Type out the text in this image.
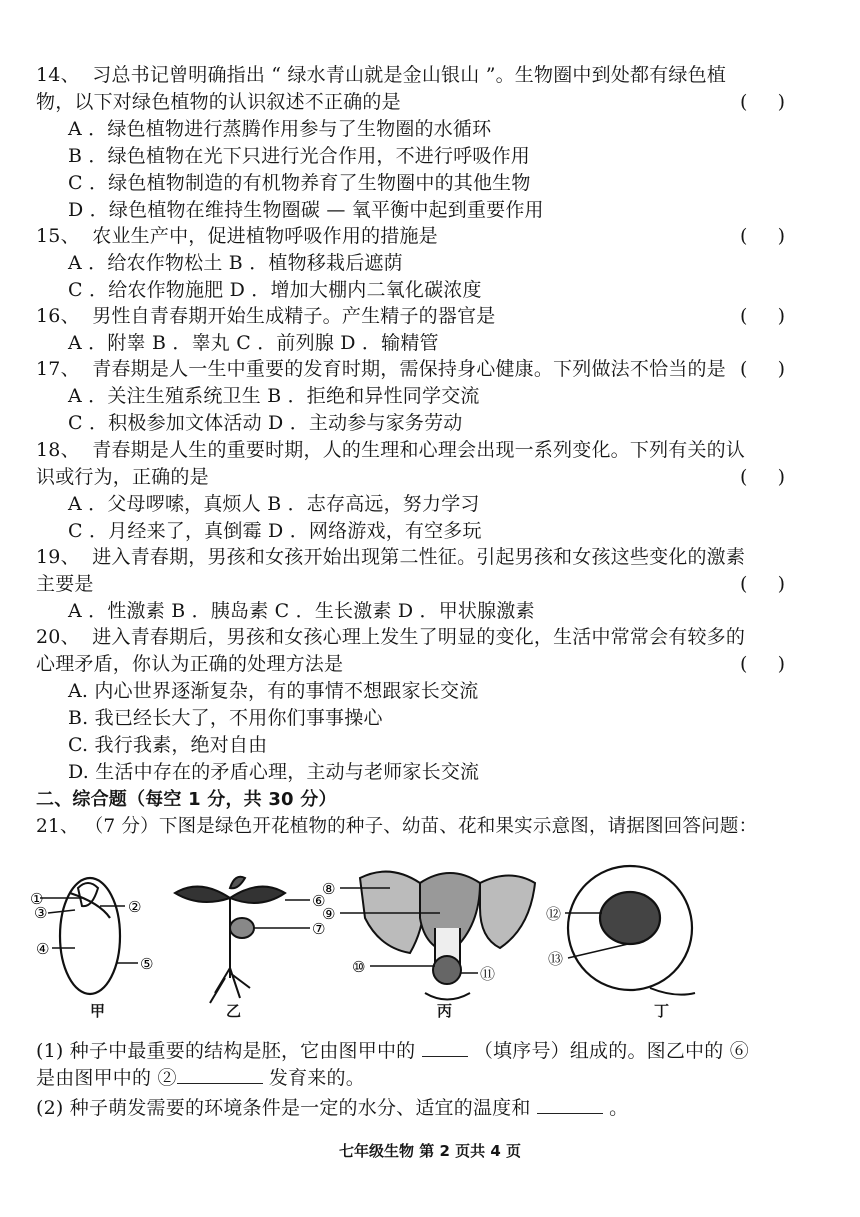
14、 习总书记曾明确指出 “ 绿水青山就是金山银山 ”。生物圈中到处都有绿色植
物，以下对绿色植物的认识叙述不正确的是	(     )
A ．绿色植物进行蒸腾作用参与了生物圈的水循环
B ．绿色植物在光下只进行光合作用，不进行呼吸作用
C ．绿色植物制造的有机物养育了生物圈中的其他生物
D ．绿色植物在维持生物圈碳 — 氧平衡中起到重要作用
15、 农业生产中，促进植物呼吸作用的措施是	(     )
A ．给农作物松土 B ．植物移栽后遮荫
C ．给农作物施肥 D ．增加大棚内二氧化碳浓度
16、 男性自青春期开始生成精子。产生精子的器官是	(     )
A ．附睾 B ．睾丸 C ．前列腺 D ．输精管
17、 青春期是人一生中重要的发育时期，需保持身心健康。下列做法不恰当的是 (     )
A ．关注生殖系统卫生 B ．拒绝和异性同学交流
C ．积极参加文体活动 D ．主动参与家务劳动
18、 青春期是人生的重要时期，人的生理和心理会出现一系列变化。下列有关的认
识或行为，正确的是	(     )
A ．父母啰嗦，真烦人 B ．志存高远，努力学习
C ．月经来了，真倒霉 D ．网络游戏，有空多玩
19、 进入青春期，男孩和女孩开始出现第二性征。引起男孩和女孩这些变化的激素
主要是	(     )
A ．性激素 B ．胰岛素 C ．生长激素 D ．甲状腺激素
20、 进入青春期后，男孩和女孩心理上发生了明显的变化，生活中常常会有较多的
心理矛盾，你认为正确的处理方法是	(     )
A. 内心世界逐渐复杂，有的事情不想跟家长交流
B. 我已经长大了，不用你们事事操心
C. 我行我素，绝对自由
D. 生活中存在的矛盾心理，主动与老师家长交流
二、综合题（每空 1 分，共 30 分）
21、 （7 分）下图是绿色开花植物的种子、幼苗、花和果实示意图，请据图回答问题：
①	②
③
④
⑤
⑥
⑦
⑧
⑨
⑩	⑪
⑫
⑬
甲	乙	丙	丁
(1) 种子中最重要的结构是胚，它由图甲中的	（填序号）组成的。图乙中的 ⑥
是由图甲中的 ②	发育来的。
(2) 种子萌发需要的环境条件是一定的水分、适宜的温度和	。
七年级生物 第 2 页共 4 页
